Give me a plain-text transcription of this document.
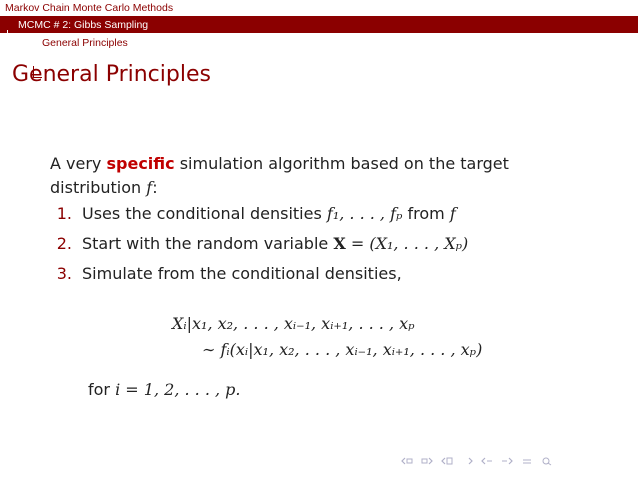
Markov Chain Monte Carlo Methods
MCMC # 2: Gibbs Sampling
General Principles
General Principles

A very specific simulation algorithm based on the target distribution f:

1. Uses the conditional densities f₁, . . . , fₚ from f
2. Start with the random variable X = (X₁, . . . , Xₚ)
3. Simulate from the conditional densities,
Xᵢ|x₁, x₂, . . . , xᵢ₋₁, xᵢ₊₁, . . . , xₚ
∼ fᵢ(xᵢ|x₁, x₂, . . . , xᵢ₋₁, xᵢ₊₁, . . . , xₚ)
for i = 1, 2, . . . , p.
